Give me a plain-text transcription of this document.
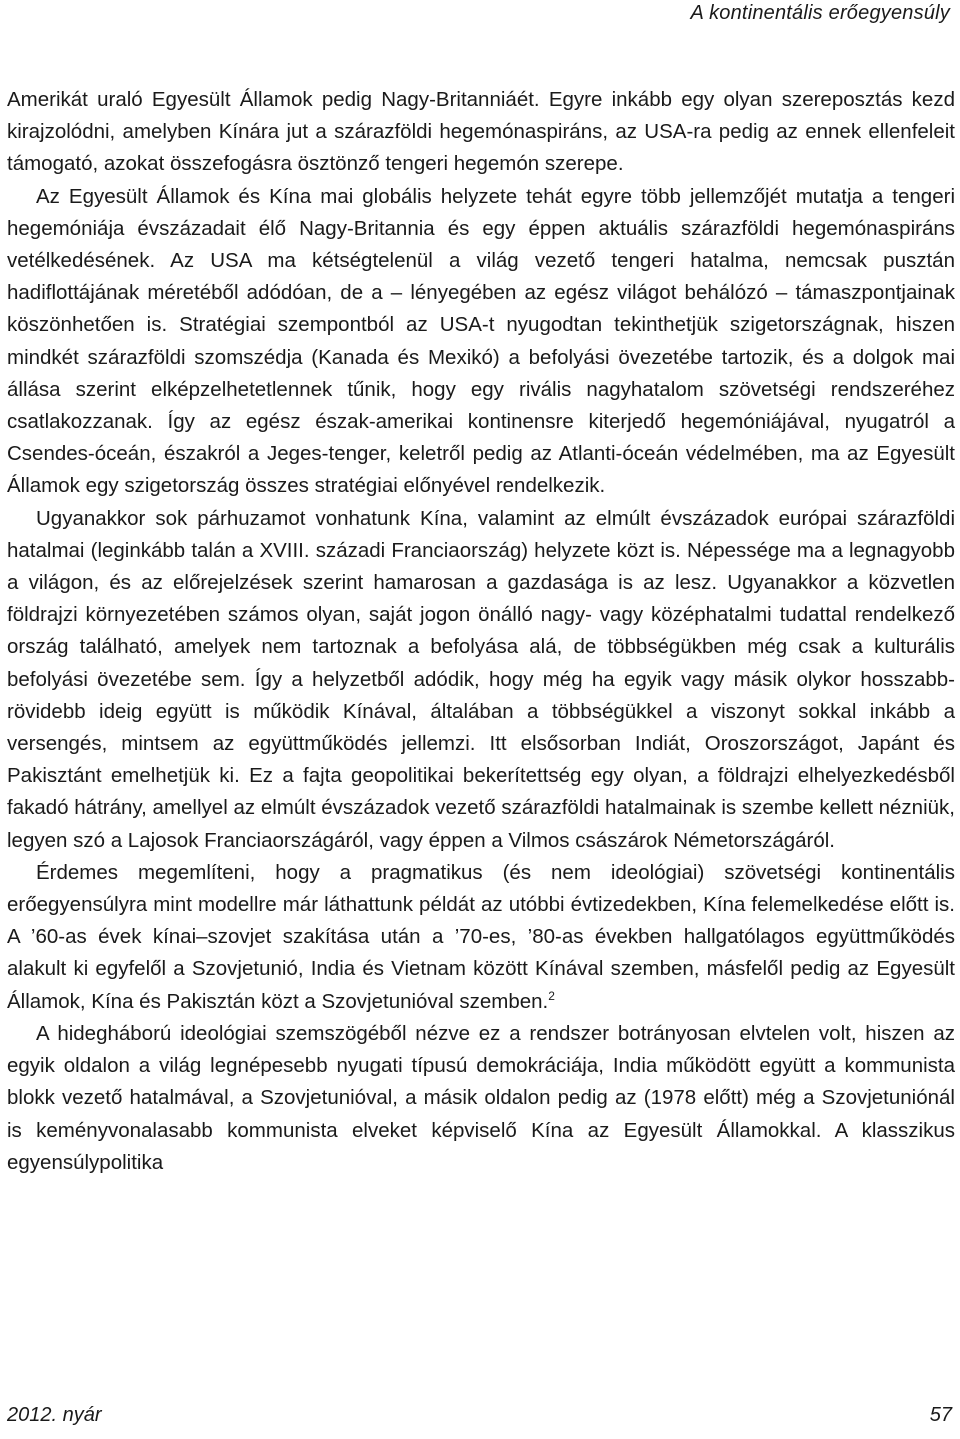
A kontinentális erőegyensúly

Amerikát uraló Egyesült Államok pedig Nagy-Britanniáét. Egyre inkább egy olyan szereposztás kezd kirajzolódni, amelyben Kínára jut a szárazföldi hegemónaspiráns, az USA-ra pedig az ennek ellenfeleit támogató, azokat összefogásra ösztönző tengeri hegemón szerepe.

Az Egyesült Államok és Kína mai globális helyzete tehát egyre több jellemzőjét mutatja a tengeri hegemóniája évszázadait élő Nagy-Britannia és egy éppen aktuális szárazföldi hegemónaspiráns vetélkedésének. Az USA ma kétségtelenül a világ vezető tengeri hatalma, nemcsak pusztán hadiflottájának méretéből adódóan, de a – lényegében az egész világot behálózó – támaszpontjainak köszönhetően is. Stratégiai szempontból az USA-t nyugodtan tekinthetjük szigetországnak, hiszen mindkét szárazföldi szomszédja (Kanada és Mexikó) a befolyási övezetébe tartozik, és a dolgok mai állása szerint elképzelhetetlennek tűnik, hogy egy rivális nagyhatalom szövetségi rendszeréhez csatlakozzanak. Így az egész észak-amerikai kontinensre kiterjedő hegemóniájával, nyugatról a Csendes-óceán, északról a Jeges-tenger, keletről pedig az Atlanti-óceán védelmében, ma az Egyesült Államok egy szigetország összes stratégiai előnyével rendelkezik.

Ugyanakkor sok párhuzamot vonhatunk Kína, valamint az elmúlt évszázadok európai szárazföldi hatalmai (leginkább talán a XVIII. századi Franciaország) helyzete közt is. Népessége ma a legnagyobb a világon, és az előrejelzések szerint hamarosan a gazdasága is az lesz. Ugyanakkor a közvetlen földrajzi környezetében számos olyan, saját jogon önálló nagy- vagy középhatalmi tudattal rendelkező ország található, amelyek nem tartoznak a befolyása alá, de többségükben még csak a kulturális befolyási övezetébe sem. Így a helyzetből adódik, hogy még ha egyik vagy másik olykor hosszabb-rövidebb ideig együtt is működik Kínával, általában a többségükkel a viszonyt sokkal inkább a versengés, mintsem az együttműködés jellemzi. Itt elsősorban Indiát, Oroszországot, Japánt és Pakisztánt emelhetjük ki. Ez a fajta geopolitikai bekerítettség egy olyan, a földrajzi elhelyezkedésből fakadó hátrány, amellyel az elmúlt évszázadok vezető szárazföldi hatalmainak is szembe kellett nézniük, legyen szó a Lajosok Franciaországáról, vagy éppen a Vilmos császárok Németországáról.

Érdemes megemlíteni, hogy a pragmatikus (és nem ideológiai) szövetségi kontinentális erőegyensúlyra mint modellre már láthattunk példát az utóbbi évtizedekben, Kína felemelkedése előtt is. A ’60-as évek kínai–szovjet szakítása után a ’70-es, ’80-as években hallgatólagos együttműködés alakult ki egyfelől a Szovjetunió, India és Vietnam között Kínával szemben, másfelől pedig az Egyesült Államok, Kína és Pakisztán közt a Szovjetunióval szemben.$^2$

A hidegháború ideológiai szemszögéből nézve ez a rendszer botrányosan elvtelen volt, hiszen az egyik oldalon a világ legnépesebb nyugati típusú demokráciája, India működött együtt a kommunista blokk vezető hatalmával, a Szovjetunióval, a másik oldalon pedig az (1978 előtt) még a Szovjetuniónál is keményvonalasabb kommunista elveket képviselő Kína az Egyesült Államokkal. A klasszikus egyensúlypolitika

2012. nyár	57
